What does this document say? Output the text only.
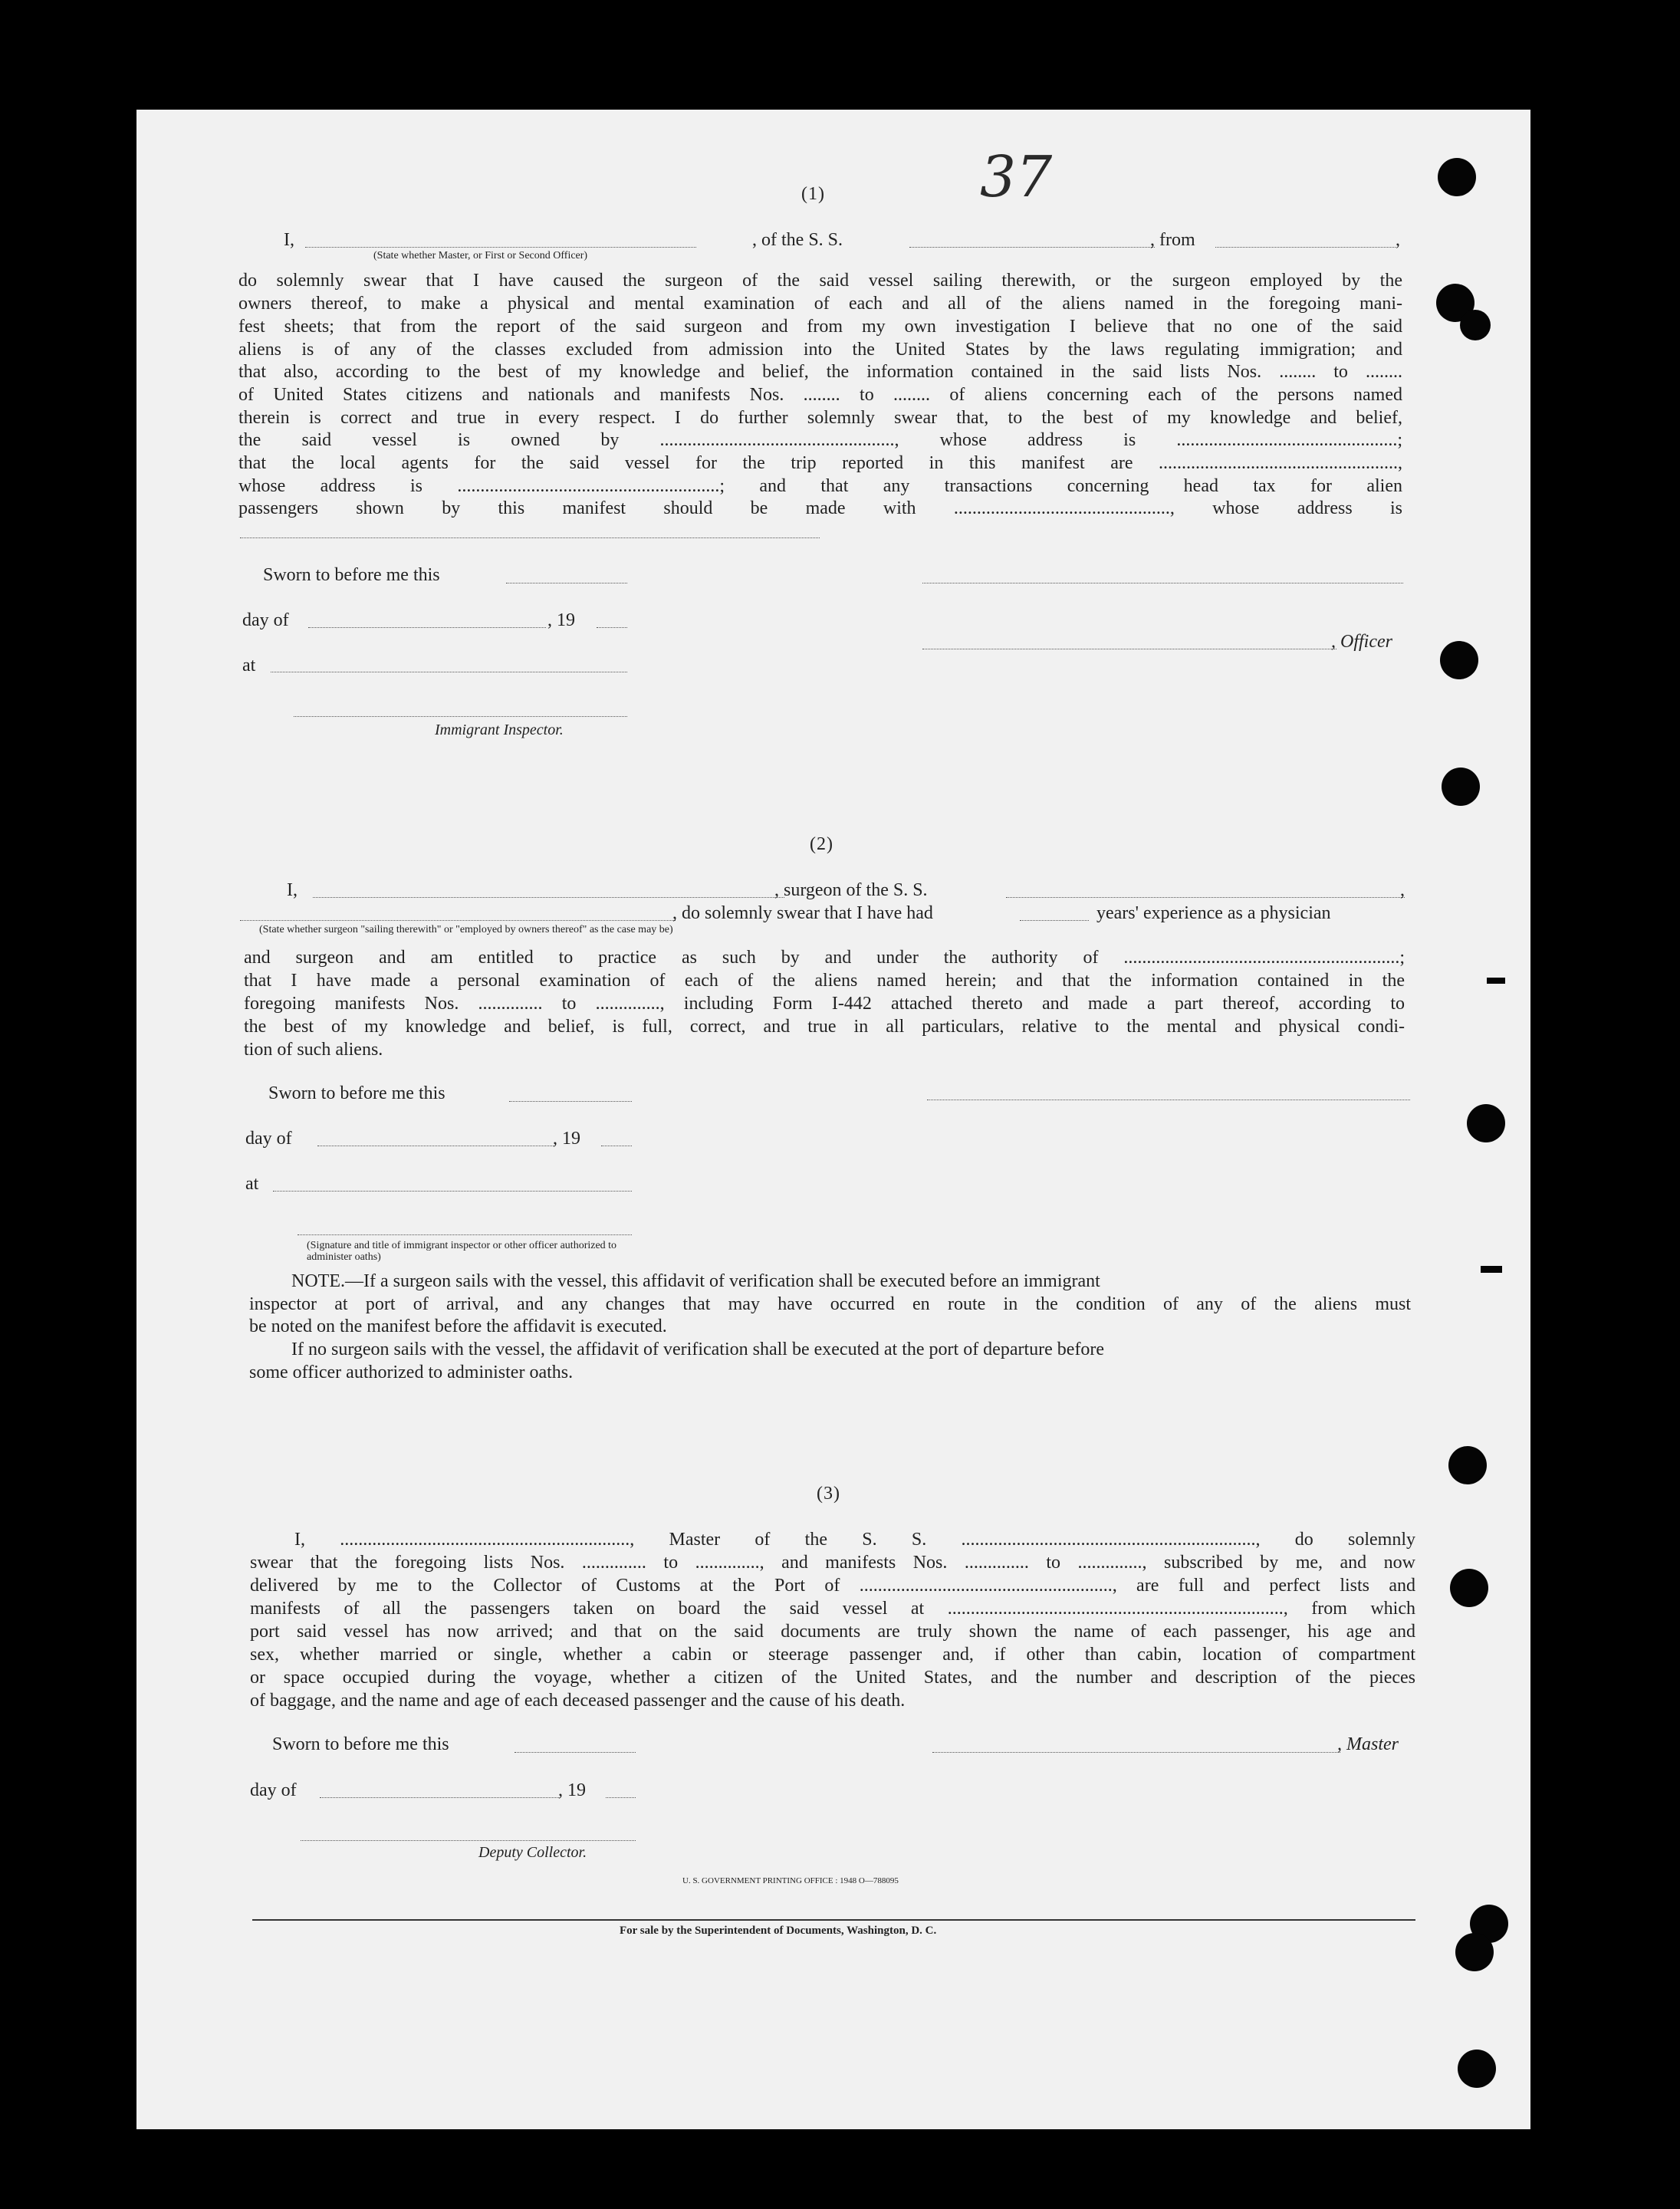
37
(1)
I,	, of the S. S.	, from	,
(State whether Master, or First or Second Officer)
do solemnly swear that I have caused the surgeon of the said vessel sailing therewith, or the surgeon employed by the
owners thereof, to make a physical and mental examination of each and all of the aliens named in the foregoing mani-
fest sheets; that from the report of the said surgeon and from my own investigation I believe that no one of the said
aliens is of any of the classes excluded from admission into the United States by the laws regulating immigration; and
that also, according to the best of my knowledge and belief, the information contained in the said lists Nos. ........ to ........
of United States citizens and nationals and manifests Nos. ........ to ........ of aliens concerning each of the persons named
therein is correct and true in every respect. I do further solemnly swear that, to the best of my knowledge and belief,
the said vessel is owned by ..................................................., whose address is ................................................;
that the local agents for the said vessel for the trip reported in this manifest are ....................................................,
whose address is .........................................................; and that any transactions concerning head tax for alien
passengers shown by this manifest should be made with ..............................................., whose address is
Sworn to before me this
day of	, 19
at
Immigrant Inspector.
, Officer
(2)
I,	, surgeon of the S. S.	,
, do solemnly swear that I have had	years' experience as a physician
(State whether surgeon "sailing therewith" or "employed by owners thereof" as the case may be)
and surgeon and am entitled to practice as such by and under the authority of ............................................................;
that I have made a personal examination of each of the aliens named herein; and that the information contained in the
foregoing manifests Nos. .............. to .............., including Form I-442 attached thereto and made a part thereof, according to
the best of my knowledge and belief, is full, correct, and true in all particulars, relative to the mental and physical condi-
tion of such aliens.
Sworn to before me this
day of	, 19
at
(Signature and title of immigrant inspector or other officer authorized to administer oaths)
NOTE.—If a surgeon sails with the vessel, this affidavit of verification shall be executed before an immigrant
inspector at port of arrival, and any changes that may have occurred en route in the condition of any of the aliens must
be noted on the manifest before the affidavit is executed.
If no surgeon sails with the vessel, the affidavit of verification shall be executed at the port of departure before
some officer authorized to administer oaths.
(3)
I, ..............................................................., Master of the S. S. ................................................................, do solemnly
swear that the foregoing lists Nos. .............. to .............., and manifests Nos. .............. to .............., subscribed by me, and now
delivered by me to the Collector of Customs at the Port of ......................................................., are full and perfect lists and
manifests of all the passengers taken on board the said vessel at ........................................................................., from which
port said vessel has now arrived; and that on the said documents are truly shown the name of each passenger, his age and
sex, whether married or single, whether a cabin or steerage passenger and, if other than cabin, location of compartment
or space occupied during the voyage, whether a citizen of the United States, and the number and description of the pieces
of baggage, and the name and age of each deceased passenger and the cause of his death.
Sworn to before me this	, Master
day of	, 19
Deputy Collector.
U. S. GOVERNMENT PRINTING OFFICE : 1948 O—788095
For sale by the Superintendent of Documents, Washington, D. C.
